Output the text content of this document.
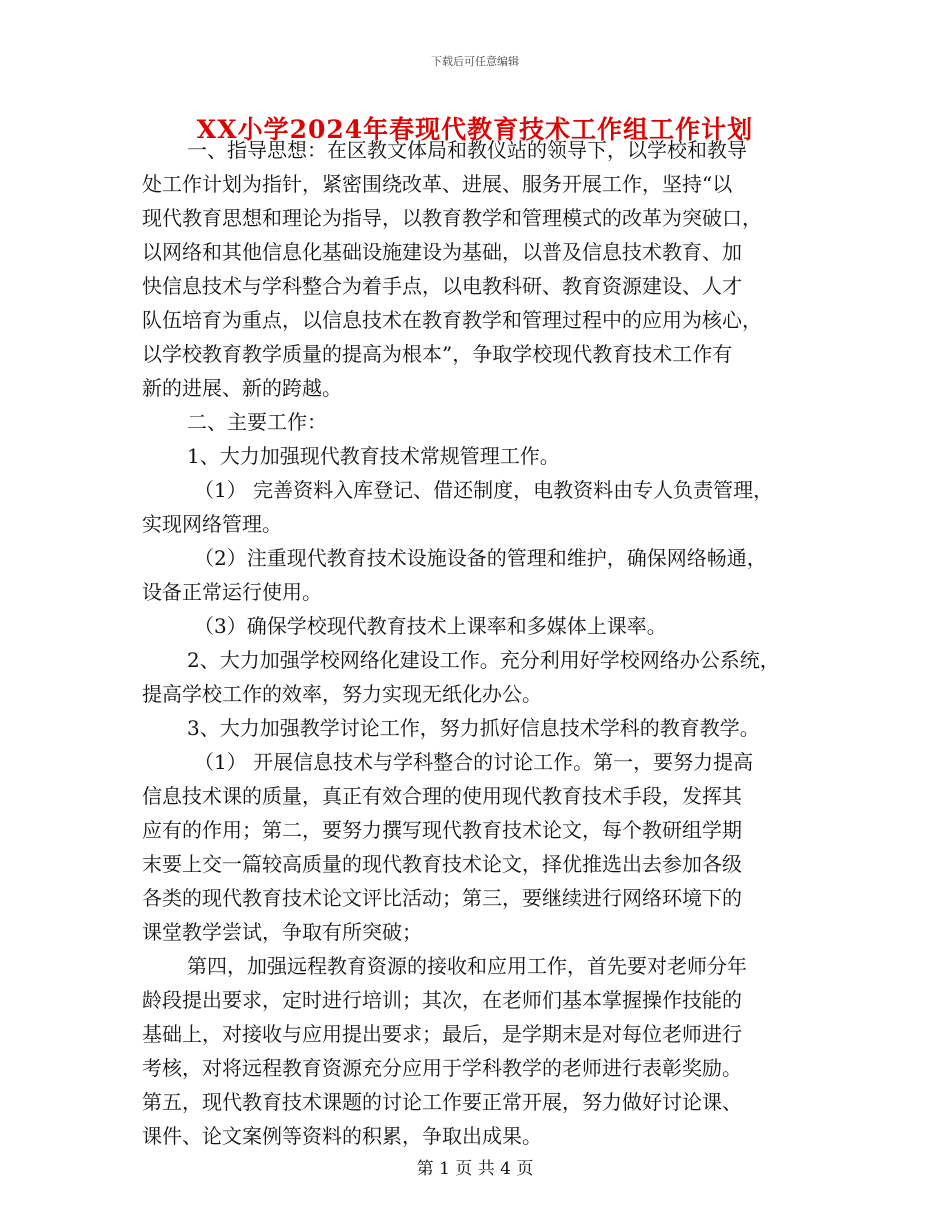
下载后可任意编辑
XX小学2024年春现代教育技术工作组工作计划
一、指导思想：在区教文体局和教仪站的领导下，以学校和教导
处工作计划为指针，紧密围绕改革、进展、服务开展工作，坚持“以
现代教育思想和理论为指导，以教育教学和管理模式的改革为突破口，
以网络和其他信息化基础设施建设为基础，以普及信息技术教育、加
快信息技术与学科整合为着手点，以电教科研、教育资源建设、人才
队伍培育为重点，以信息技术在教育教学和管理过程中的应用为核心，
以学校教育教学质量的提高为根本”，争取学校现代教育技术工作有
新的进展、新的跨越。
二、主要工作：
1、大力加强现代教育技术常规管理工作。
（1） 完善资料入库登记、借还制度，电教资料由专人负责管理，
实现网络管理。
（2）注重现代教育技术设施设备的管理和维护，确保网络畅通，
设备正常运行使用。
（3）确保学校现代教育技术上课率和多媒体上课率。
2、大力加强学校网络化建设工作。充分利用好学校网络办公系统，
提高学校工作的效率，努力实现无纸化办公。
3、大力加强教学讨论工作，努力抓好信息技术学科的教育教学。
（1） 开展信息技术与学科整合的讨论工作。第一，要努力提高
信息技术课的质量，真正有效合理的使用现代教育技术手段，发挥其
应有的作用；第二，要努力撰写现代教育技术论文，每个教研组学期
末要上交一篇较高质量的现代教育技术论文，择优推选出去参加各级
各类的现代教育技术论文评比活动；第三，要继续进行网络环境下的
课堂教学尝试，争取有所突破；
第四，加强远程教育资源的接收和应用工作，首先要对老师分年
龄段提出要求，定时进行培训；其次，在老师们基本掌握操作技能的
基础上，对接收与应用提出要求；最后，是学期末是对每位老师进行
考核，对将远程教育资源充分应用于学科教学的老师进行表彰奖励。
第五，现代教育技术课题的讨论工作要正常开展，努力做好讨论课、
课件、论文案例等资料的积累，争取出成果。
第 1 页 共 4 页
